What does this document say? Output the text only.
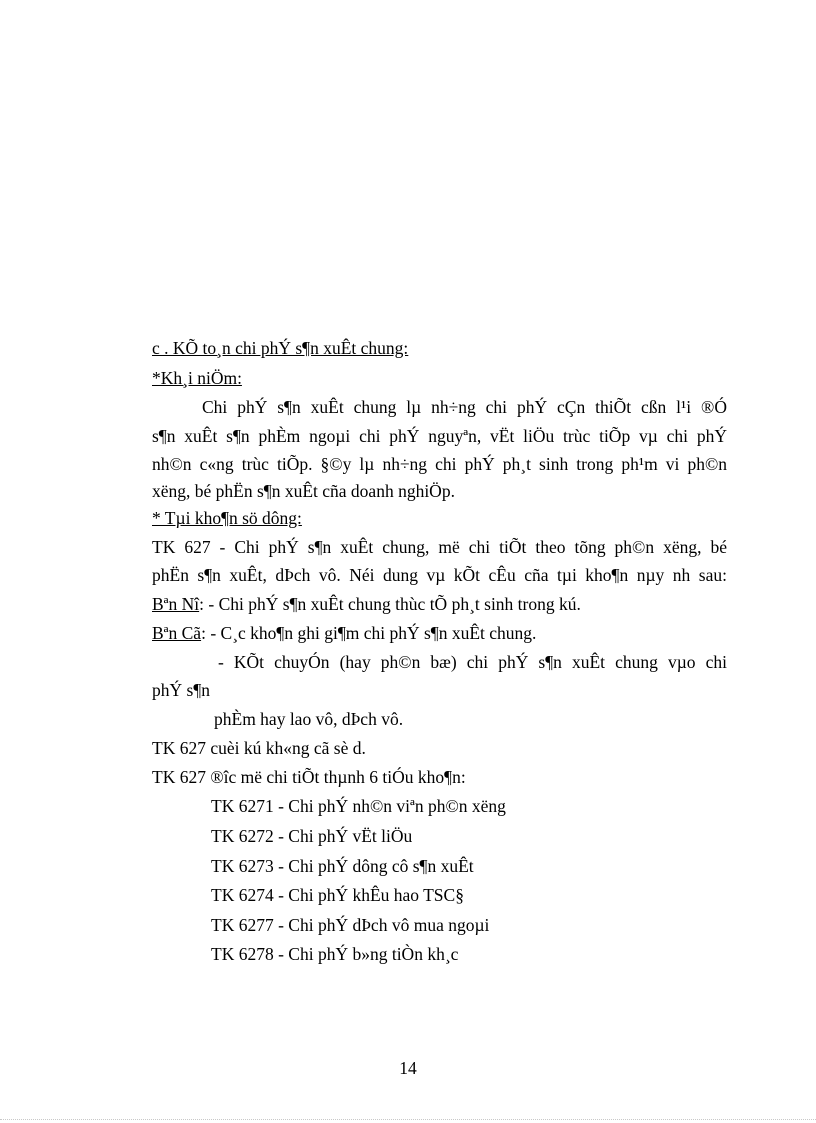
c . KÕ to¸n chi phÝ s¶n xuÊt chung:
*Kh¸i niÖm:
Chi phÝ s¶n xuÊt chung lµ nh÷ng chi phÝ cÇn thiÕt cßn l¹i ®Ó
s¶n xuÊt s¶n phÈm ngoµi chi phÝ nguyªn, vËt liÖu trùc tiÕp vµ chi phÝ
nh©n c«ng trùc tiÕp. §©y lµ nh÷ng chi phÝ ph¸t sinh trong ph¹m vi ph©n
xëng, bé phËn s¶n xuÊt cña doanh nghiÖp.
* Tµi kho¶n sö dông:
TK 627 - Chi phÝ s¶n xuÊt chung, më chi tiÕt theo tõng ph©n xëng, bé
phËn s¶n xuÊt, dÞch vô. Néi dung vµ kÕt cÊu cña tµi kho¶n nµy nh sau:
Bªn Nî: - Chi phÝ s¶n xuÊt chung thùc tÕ ph¸t sinh trong kú.
Bªn Cã: - C¸c kho¶n ghi gi¶m chi phÝ s¶n xuÊt chung.
- KÕt chuyÓn (hay ph©n bæ) chi phÝ s¶n xuÊt chung vµo chi
phÝ s¶n
phÈm hay lao vô, dÞch vô.
TK 627 cuèi kú kh«ng cã sè d.
TK 627 ®îc më chi tiÕt thµnh 6 tiÓu kho¶n:
TK 6271 - Chi phÝ nh©n viªn ph©n xëng
TK 6272 - Chi phÝ vËt liÖu
TK 6273 - Chi phÝ dông cô s¶n xuÊt
TK 6274 - Chi phÝ khÊu hao TSC§
TK 6277 - Chi phÝ dÞch vô mua ngoµi
TK 6278 - Chi phÝ b»ng tiÒn kh¸c
14
